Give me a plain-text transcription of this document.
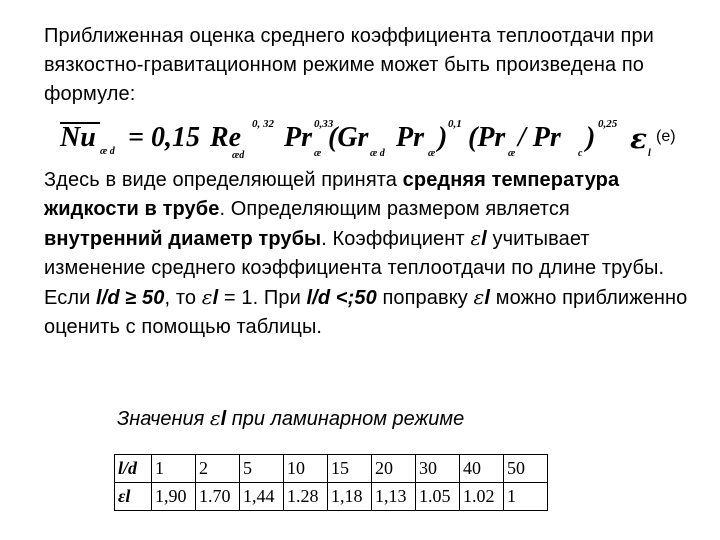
Приближенная оценка среднего коэффициента теплоотдачи при вязкостно-гравитационном режиме может быть произведена по формуле:

Nu æ d = 0,15 Re 0, 32
æd
Pr 0,33
æ
(Gr
æ d
Pr
æ
) 0,1 (Pr
æ
/ Pr
c
) 0,25 ε l
(е)

Здесь в виде определяющей принята средняя температура жидкости в трубе. Определяющим размером является внутренний диаметр трубы. Коэффициент εl учитывает изменение среднего коэффициента теплоотдачи по длине трубы. Если l/d ≥ 50, то εl = 1. При l/d <;50 поправку εl можно приближенно оценить с помощью таблицы.

Значения εl при ламинарном режиме
l/d	1	2	5	10	15	20	30	40	50
εl	1,90	1.70	1,44	1.28	1,18	1,13	1.05	1.02	1
